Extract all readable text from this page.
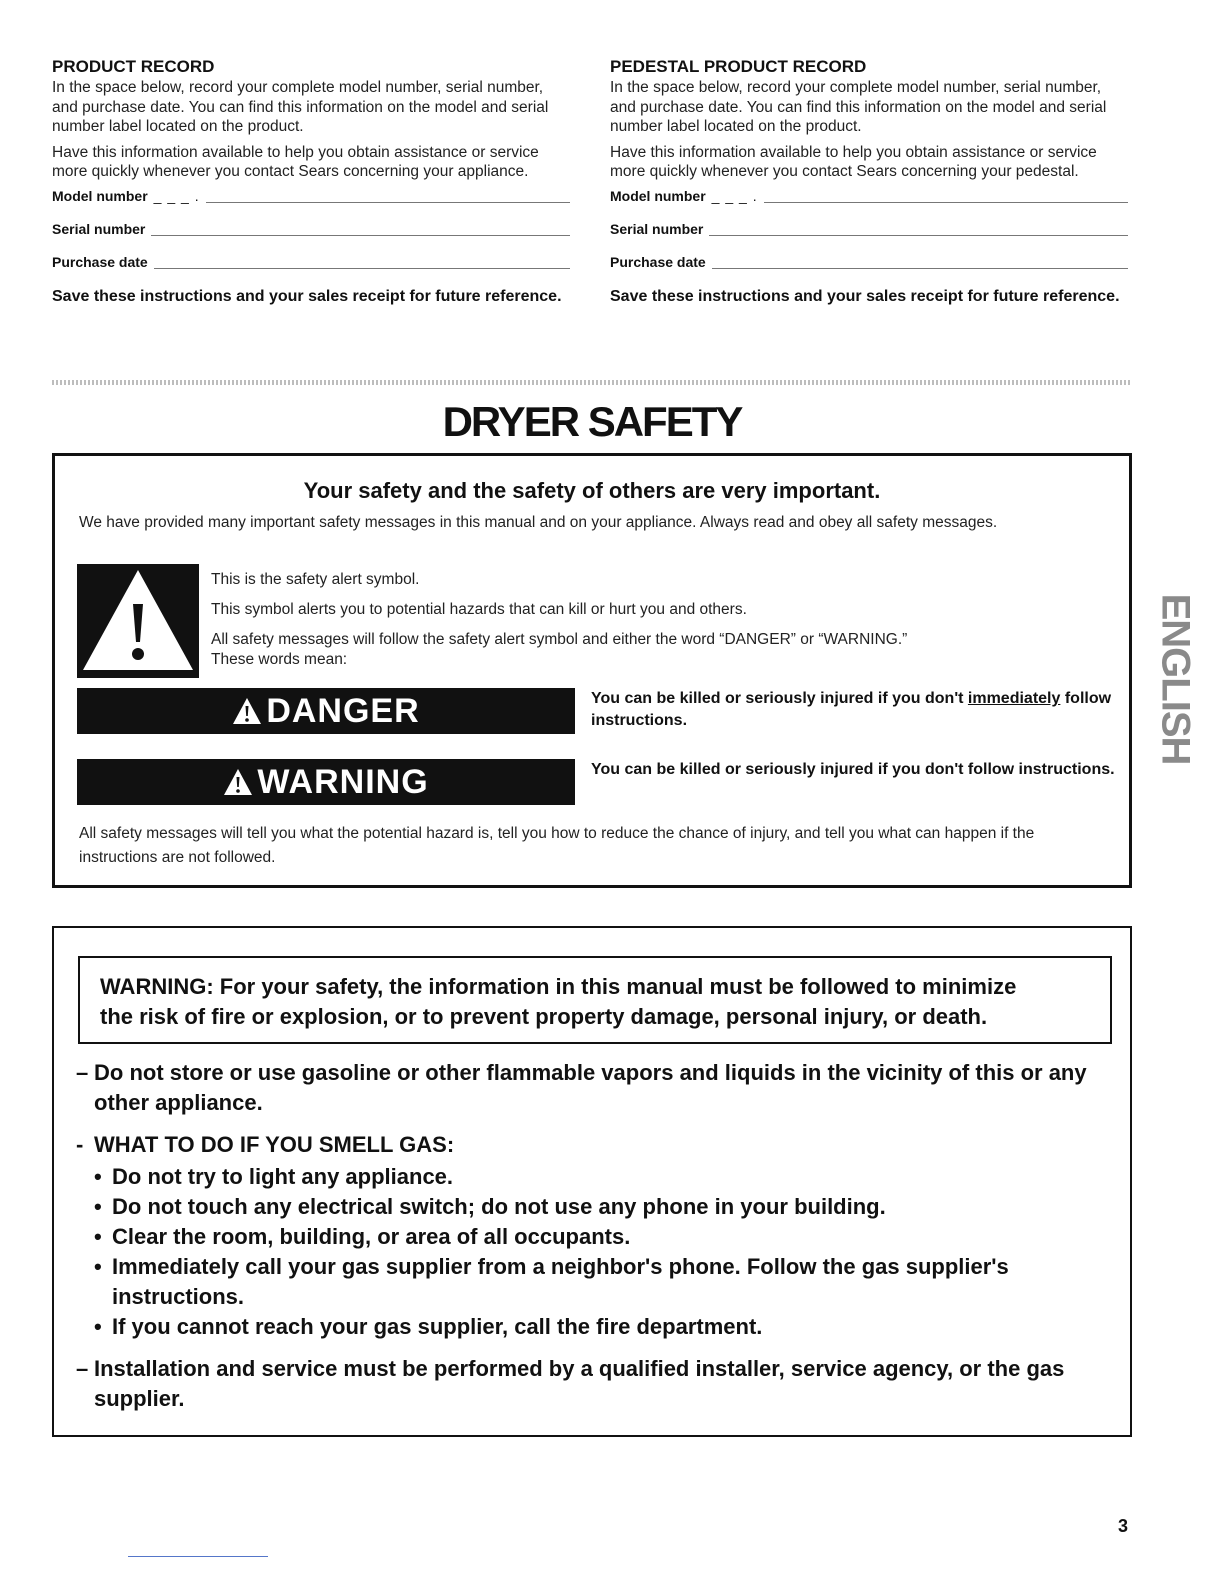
PRODUCT RECORD

In the space below, record your complete model number, serial number, and purchase date. You can find this information on the model and serial number label located on the product.

Have this information available to help you obtain assistance or service more quickly whenever you contact Sears concerning your appliance.

Model number _ _ _ .
Serial number
Purchase date
Save these instructions and your sales receipt for future reference.
PEDESTAL PRODUCT RECORD

In the space below, record your complete model number, serial number, and purchase date. You can find this information on the model and serial number label located on the product.

Have this information available to help you obtain assistance or service more quickly whenever you contact Sears concerning your pedestal.

Model number _ _ _ .
Serial number
Purchase date
Save these instructions and your sales receipt for future reference.
DRYER SAFETY
Your safety and the safety of others are very important.
We have provided many important safety messages in this manual and on your appliance. Always read and obey all safety messages.
This is the safety alert symbol.
This symbol alerts you to potential hazards that can kill or hurt you and others.
All safety messages will follow the safety alert symbol and either the word “DANGER” or “WARNING.”
These words mean:
DANGER	You can be killed or seriously injured if you don't immediately follow instructions.
WARNING	You can be killed or seriously injured if you don't follow instructions.
All safety messages will tell you what the potential hazard is, tell you how to reduce the chance of injury, and tell you what can happen if the instructions are not followed.
WARNING: For your safety, the information in this manual must be followed to minimize
the risk of fire or explosion, or to prevent property damage, personal injury, or death.
– Do not store or use gasoline or other flammable vapors and liquids in the vicinity of this or any other appliance.
- WHAT TO DO IF YOU SMELL GAS:
• Do not try to light any appliance.
• Do not touch any electrical switch; do not use any phone in your building.
• Clear the room, building, or area of all occupants.
• Immediately call your gas supplier from a neighbor's phone. Follow the gas supplier's instructions.
• If you cannot reach your gas supplier, call the fire department.
– Installation and service must be performed by a qualified installer, service agency, or the gas supplier.
ENGLISH
3
